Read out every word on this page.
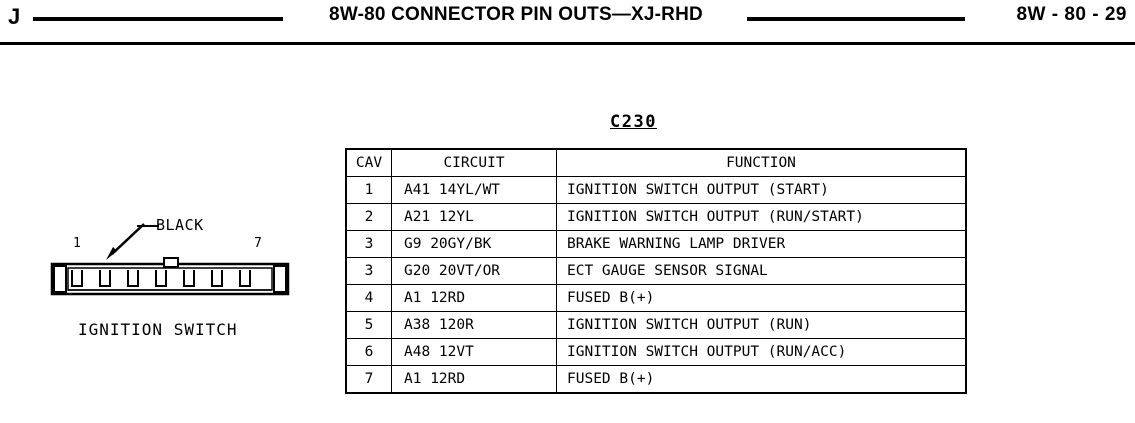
J	8W-80 CONNECTOR PIN OUTS—XJ-RHD	8W - 80 - 29
1	7
BLACK
IGNITION SWITCH
C230
CAV	CIRCUIT	FUNCTION
1	A41 14YL/WT	IGNITION SWITCH OUTPUT (START)
2	A21 12YL	IGNITION SWITCH OUTPUT (RUN/START)
3	G9 20GY/BK	BRAKE WARNING LAMP DRIVER
3	G20 20VT/OR	ECT GAUGE SENSOR SIGNAL
4	A1 12RD	FUSED B(+)
5	A38 120R	IGNITION SWITCH OUTPUT (RUN)
6	A48 12VT	IGNITION SWITCH OUTPUT (RUN/ACC)
7	A1 12RD	FUSED B(+)
